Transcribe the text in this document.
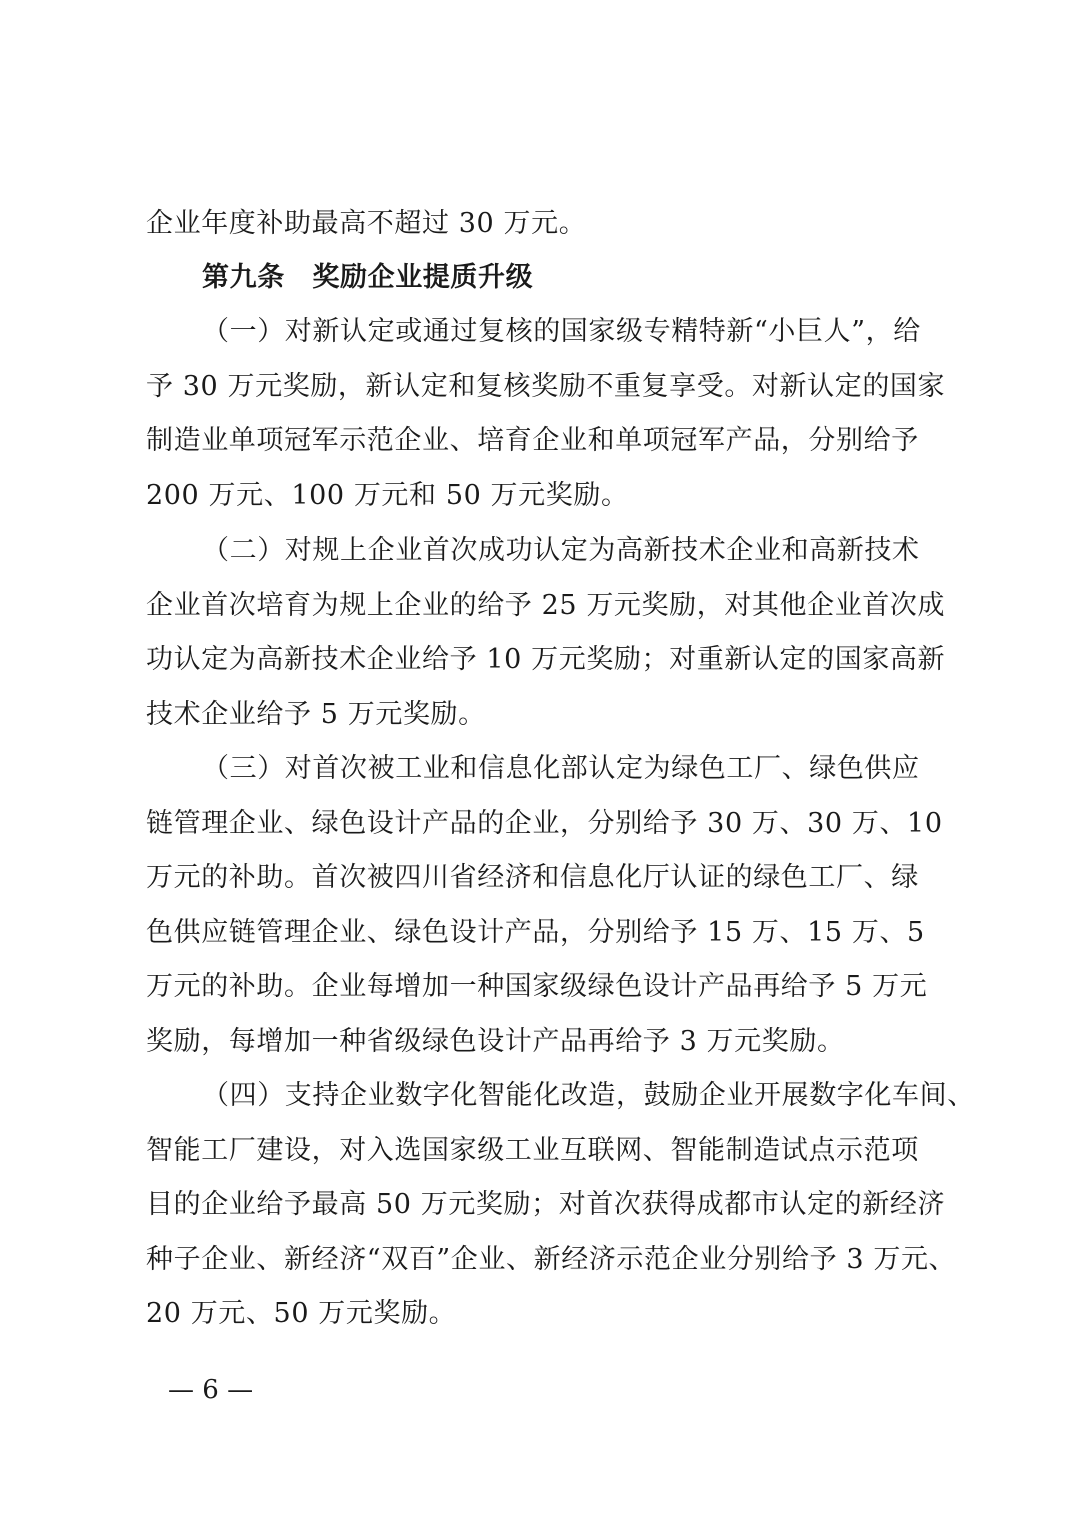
企业年度补助最高不超过 30 万元。
第九条　奖励企业提质升级
（一）对新认定或通过复核的国家级专精特新“小巨人”，给
予 30 万元奖励，新认定和复核奖励不重复享受。对新认定的国家
制造业单项冠军示范企业、培育企业和单项冠军产品，分别给予
200 万元、100 万元和 50 万元奖励。
（二）对规上企业首次成功认定为高新技术企业和高新技术
企业首次培育为规上企业的给予 25 万元奖励，对其他企业首次成
功认定为高新技术企业给予 10 万元奖励；对重新认定的国家高新
技术企业给予 5 万元奖励。
（三）对首次被工业和信息化部认定为绿色工厂、绿色供应
链管理企业、绿色设计产品的企业，分别给予 30 万、30 万、10
万元的补助。首次被四川省经济和信息化厅认证的绿色工厂、绿
色供应链管理企业、绿色设计产品，分别给予 15 万、15 万、5
万元的补助。企业每增加一种国家级绿色设计产品再给予 5 万元
奖励，每增加一种省级绿色设计产品再给予 3 万元奖励。
（四）支持企业数字化智能化改造，鼓励企业开展数字化车间、
智能工厂建设，对入选国家级工业互联网、智能制造试点示范项
目的企业给予最高 50 万元奖励；对首次获得成都市认定的新经济
种子企业、新经济“双百”企业、新经济示范企业分别给予 3 万元、
20 万元、50 万元奖励。
— 6 —
